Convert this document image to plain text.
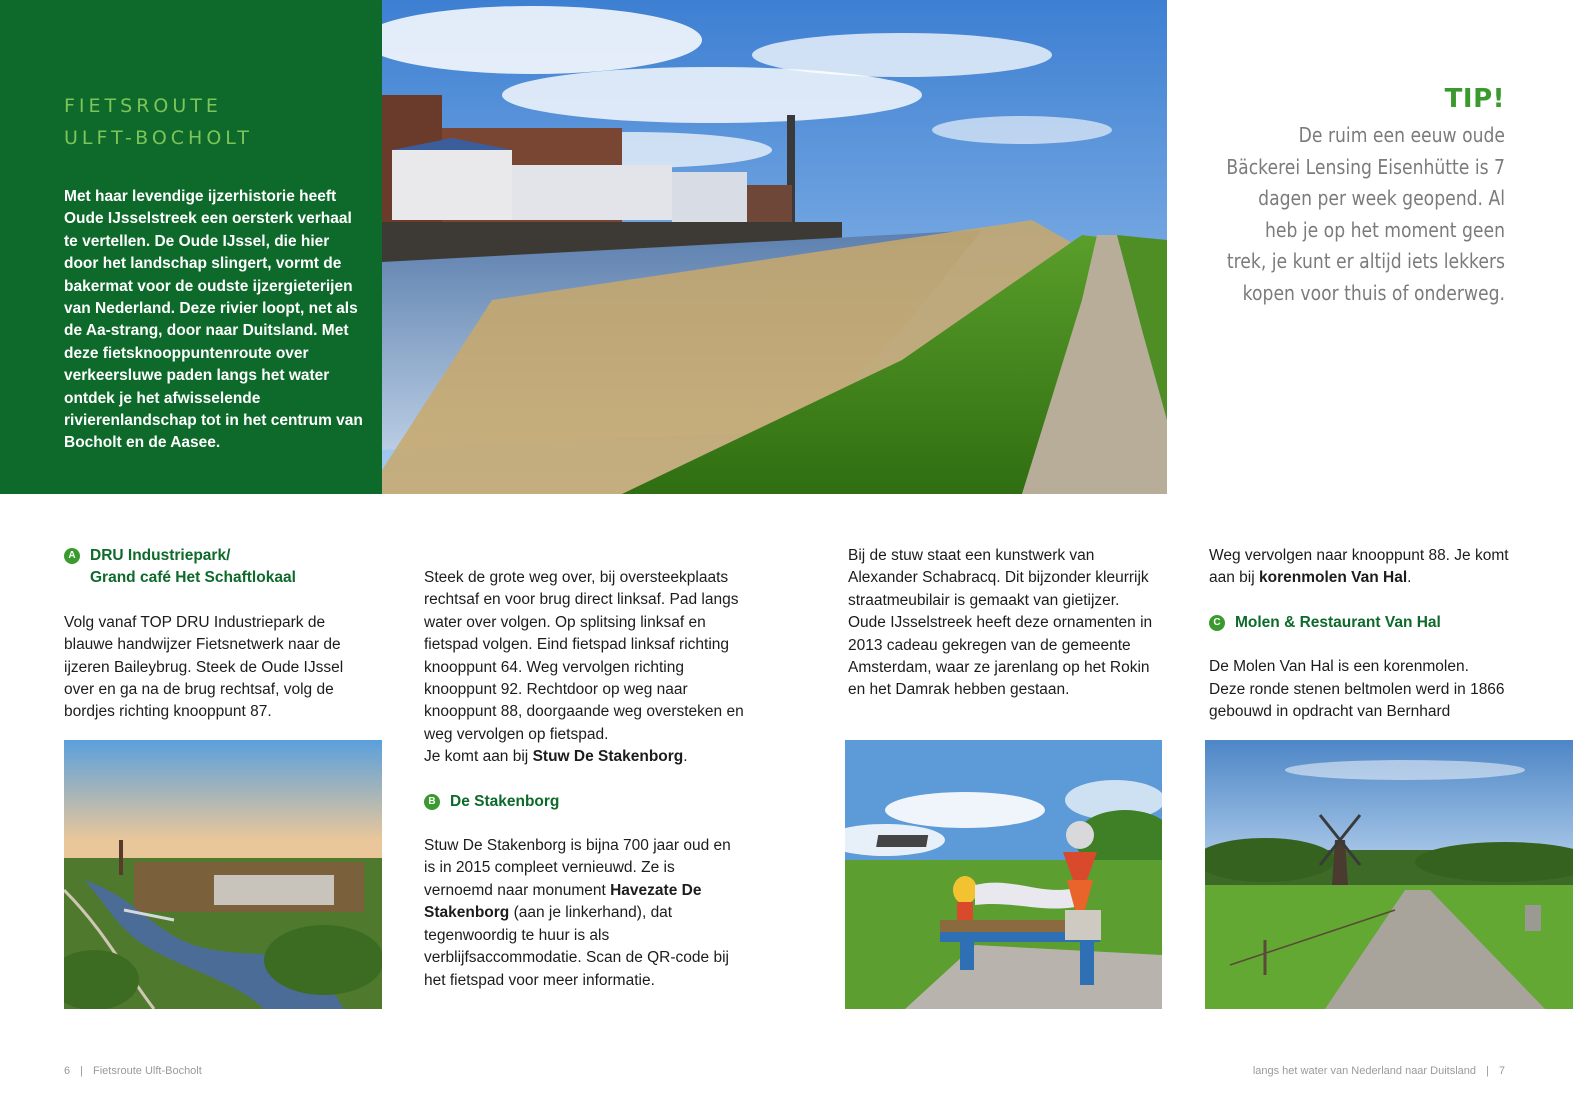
FIETSROUTE
ULFT-BOCHOLT

Met haar levendige ijzerhistorie heeft Oude IJsselstreek een oersterk verhaal te vertellen. De Oude IJssel, die hier door het landschap slingert, vormt de bakermat voor de oudste ijzergieterijen van Nederland. Deze rivier loopt, net als de Aa-strang, door naar Duitsland. Met deze fietsknooppuntenroute over verkeersluwe paden langs het water ontdek je het afwisselende rivierenlandschap tot in het centrum van Bocholt en de Aasee.

TIP!

De ruim een eeuw oude Bäckerei Lensing Eisenhütte is 7 dagen per week geopend. Al heb je op het moment geen trek, je kunt er altijd iets lekkers kopen voor thuis of onderweg.

A DRU Industriepark/
Grand café Het Schaftlokaal

Volg vanaf TOP DRU Industriepark de blauwe handwijzer Fietsnetwerk naar de ijzeren Baileybrug. Steek de Oude IJssel over en ga na de brug rechtsaf, volg de bordjes richting knooppunt 87.

Steek de grote weg over, bij oversteekplaats rechtsaf en voor brug direct linksaf. Pad langs water over volgen. Op splitsing linksaf en fietspad volgen. Eind fietspad linksaf richting knooppunt 64. Weg vervolgen richting knooppunt 92. Rechtdoor op weg naar knooppunt 88, doorgaande weg oversteken en weg vervolgen op fietspad.

Je komt aan bij Stuw De Stakenborg.

B De Stakenborg

Stuw De Stakenborg is bijna 700 jaar oud en is in 2015 compleet vernieuwd. Ze is vernoemd naar monument Havezate De Stakenborg (aan je linkerhand), dat tegenwoordig te huur is als verblijfsaccommodatie. Scan de QR-code bij het fietspad voor meer informatie.

Bij de stuw staat een kunstwerk van Alexander Schabracq. Dit bijzonder kleurrijk straatmeubilair is gemaakt van gietijzer. Oude IJsselstreek heeft deze ornamenten in 2013 cadeau gekregen van de gemeente Amsterdam, waar ze jarenlang op het Rokin en het Damrak hebben gestaan.

Weg vervolgen naar knooppunt 88. Je komt aan bij korenmolen Van Hal.

C Molen & Restaurant Van Hal

De Molen Van Hal is een korenmolen. Deze ronde stenen beltmolen werd in 1866 gebouwd in opdracht van Bernhard

6 | Fietsroute Ulft-Bocholt	langs het water van Nederland naar Duitsland | 7
